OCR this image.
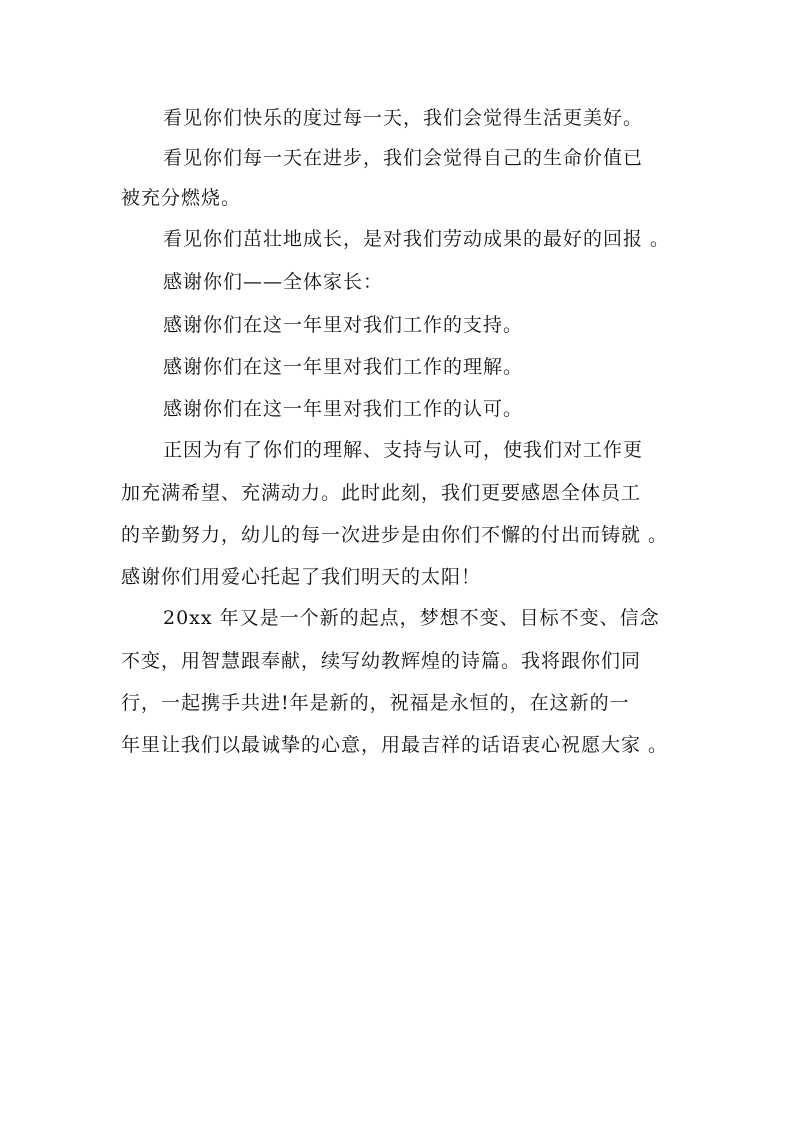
看见你们快乐的度过每一天，我们会觉得生活更美好。
看见你们每一天在进步，我们会觉得自己的生命价值已
被充分燃烧。
看见你们茁壮地成长，是对我们劳动成果的最好的回报 。
感谢你们——全体家长：
感谢你们在这一年里对我们工作的支持。
感谢你们在这一年里对我们工作的理解。
感谢你们在这一年里对我们工作的认可。
正因为有了你们的理解、支持与认可，使我们对工作更
加充满希望、充满动力。此时此刻，我们更要感恩全体员工
的辛勤努力，幼儿的每一次进步是由你们不懈的付出而铸就 。
感谢你们用爱心托起了我们明天的太阳！
20xx 年又是一个新的起点，梦想不变、目标不变、信念
不变，用智慧跟奉献，续写幼教辉煌的诗篇。我将跟你们同
行，一起携手共进!年是新的，祝福是永恒的，在这新的一
年里让我们以最诚挚的心意，用最吉祥的话语衷心祝愿大家 。
